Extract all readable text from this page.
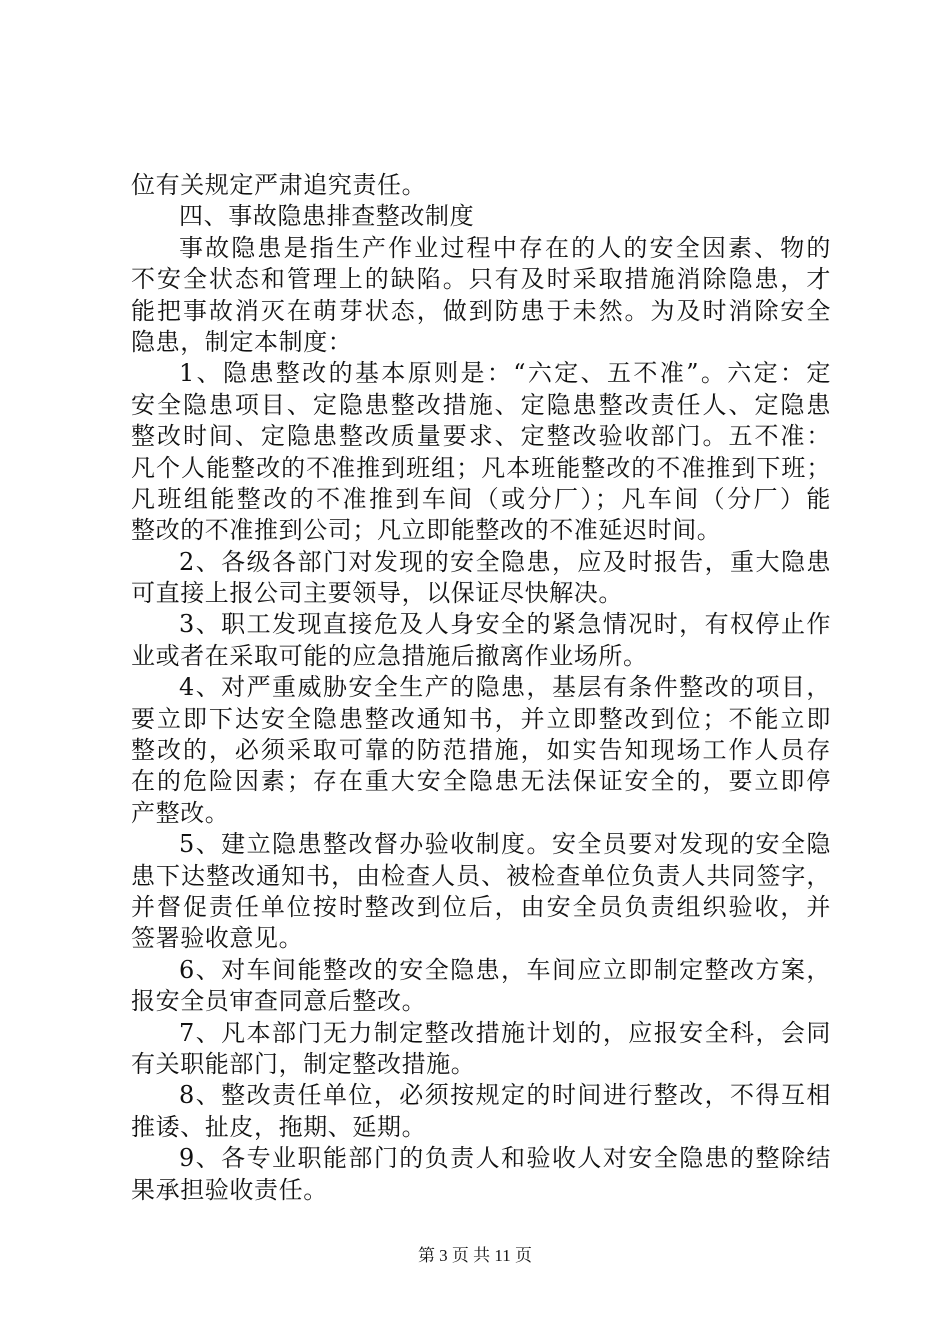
位有关规定严肃追究责任。
四、事故隐患排查整改制度
事故隐患是指生产作业过程中存在的人的安全因素、物的
不安全状态和管理上的缺陷。只有及时采取措施消除隐患，才
能把事故消灭在萌芽状态，做到防患于未然。为及时消除安全
隐患，制定本制度：
1、隐患整改的基本原则是：“六定、五不准”。六定：定
安全隐患项目、定隐患整改措施、定隐患整改责任人、定隐患
整改时间、定隐患整改质量要求、定整改验收部门。五不准：
凡个人能整改的不准推到班组；凡本班能整改的不准推到下班；
凡班组能整改的不准推到车间（或分厂）；凡车间（分厂）能
整改的不准推到公司；凡立即能整改的不准延迟时间。
2、各级各部门对发现的安全隐患，应及时报告，重大隐患
可直接上报公司主要领导，以保证尽快解决。
3、职工发现直接危及人身安全的紧急情况时，有权停止作
业或者在采取可能的应急措施后撤离作业场所。
4、对严重威胁安全生产的隐患，基层有条件整改的项目，
要立即下达安全隐患整改通知书，并立即整改到位；不能立即
整改的，必须采取可靠的防范措施，如实告知现场工作人员存
在的危险因素；存在重大安全隐患无法保证安全的，要立即停
产整改。
5、建立隐患整改督办验收制度。安全员要对发现的安全隐
患下达整改通知书，由检查人员、被检查单位负责人共同签字，
并督促责任单位按时整改到位后，由安全员负责组织验收，并
签署验收意见。
6、对车间能整改的安全隐患，车间应立即制定整改方案，
报安全员审查同意后整改。
7、凡本部门无力制定整改措施计划的，应报安全科，会同
有关职能部门，制定整改措施。
8、整改责任单位，必须按规定的时间进行整改，不得互相
推诿、扯皮，拖期、延期。
9、各专业职能部门的负责人和验收人对安全隐患的整除结
果承担验收责任。
第 3 页 共 11 页
